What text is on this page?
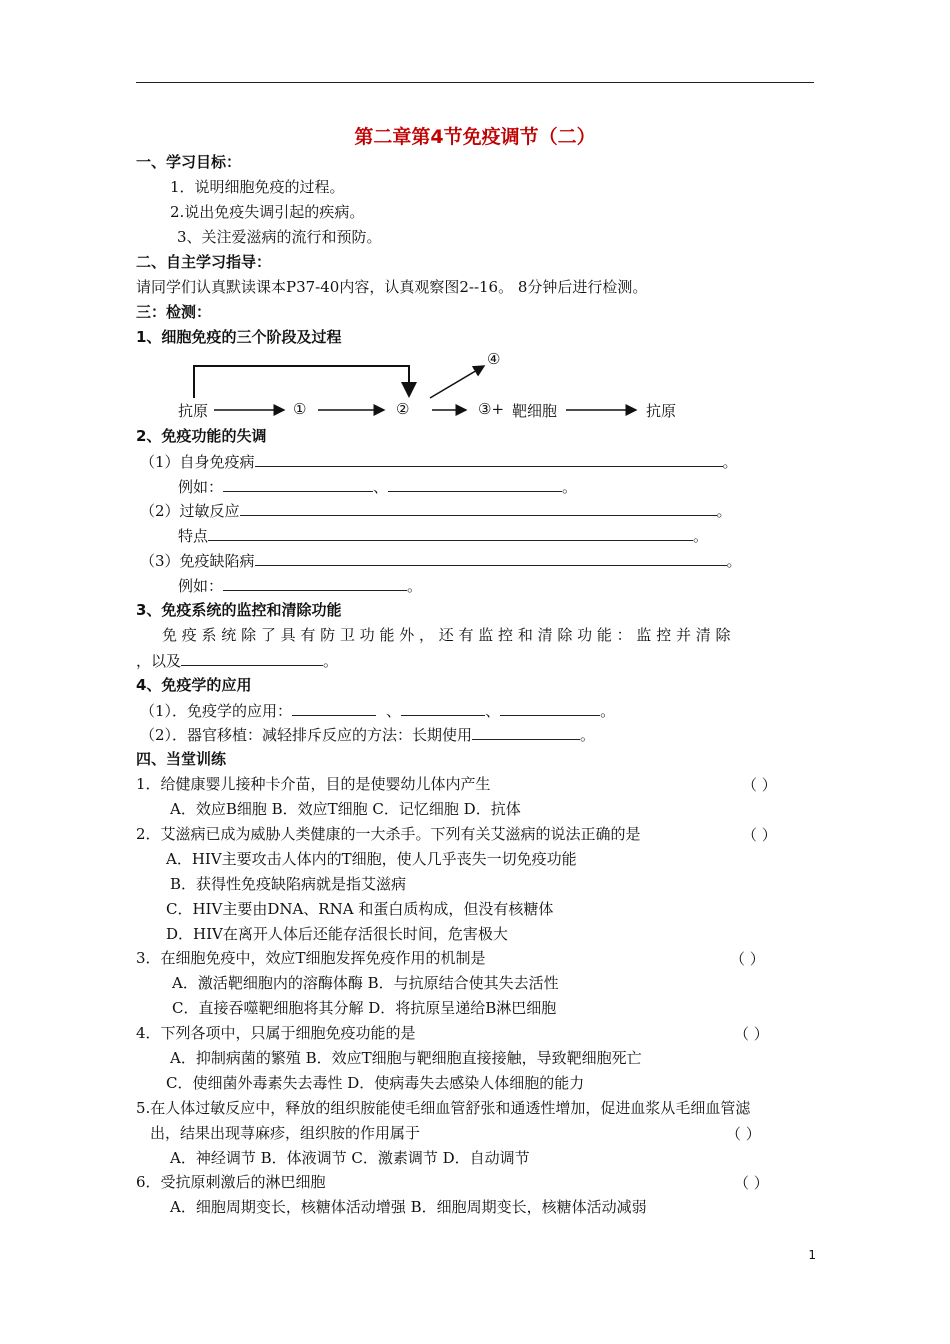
第二章第4节免疫调节（二）
一、学习目标：
1．说明细胞免疫的过程。
2.说出免疫失调引起的疾病。
3、关注爱滋病的流行和预防。
二、自主学习指导：
请同学们认真默读课本P37-40内容，认真观察图2--16。 8分钟后进行检测。
三：检测：
1、细胞免疫的三个阶段及过程
抗原	①	②	③+ 靶细胞	抗原
④
2、免疫功能的失调
（1）自身免疫病	。
例如：	、	。
（2）过敏反应	。
特点	。
（3）免疫缺陷病	。
例如：	。
3、免疫系统的监控和清除功能
免 疫 系 统 除 了 具 有 防 卫 功 能 外 ， 还 有 监 控 和 清 除 功 能 ： 监 控 并 清 除
，以及	。
4、免疫学的应用
（1）．免疫学的应用：	、	、	。
（2）．器官移植：减轻排斥反应的方法：长期使用	。
四、当堂训练
1．给健康婴儿接种卡介苗，目的是使婴幼儿体内产生	（ ）
A．效应B细胞 B．效应T细胞 C．记忆细胞 D．抗体
2．艾滋病已成为威胁人类健康的一大杀手。下列有关艾滋病的说法正确的是	（ ）
A．HIV主要攻击人体内的T细胞，使人几乎丧失一切免疫功能
B．获得性免疫缺陷病就是指艾滋病
C．HIV主要由DNA、RNA 和蛋白质构成，但没有核糖体
D．HIV在离开人体后还能存活很长时间，危害极大
3．在细胞免疫中，效应T细胞发挥免疫作用的机制是	（ ）
A．激活靶细胞内的溶酶体酶 B．与抗原结合使其失去活性
C．直接吞噬靶细胞将其分解 D．将抗原呈递给B淋巴细胞
4．下列各项中，只属于细胞免疫功能的是	（ ）
A．抑制病菌的繁殖 B．效应T细胞与靶细胞直接接触，导致靶细胞死亡
C．使细菌外毒素失去毒性 D．使病毒失去感染人体细胞的能力
5.在人体过敏反应中，释放的组织胺能使毛细血管舒张和通透性增加，促进血浆从毛细血管滤
出，结果出现荨麻疹，组织胺的作用属于	（ ）
A．神经调节 B．体液调节 C．激素调节 D．自动调节
6．受抗原刺激后的淋巴细胞	（ ）
A．细胞周期变长，核糖体活动增强 B．细胞周期变长，核糖体活动减弱
1
